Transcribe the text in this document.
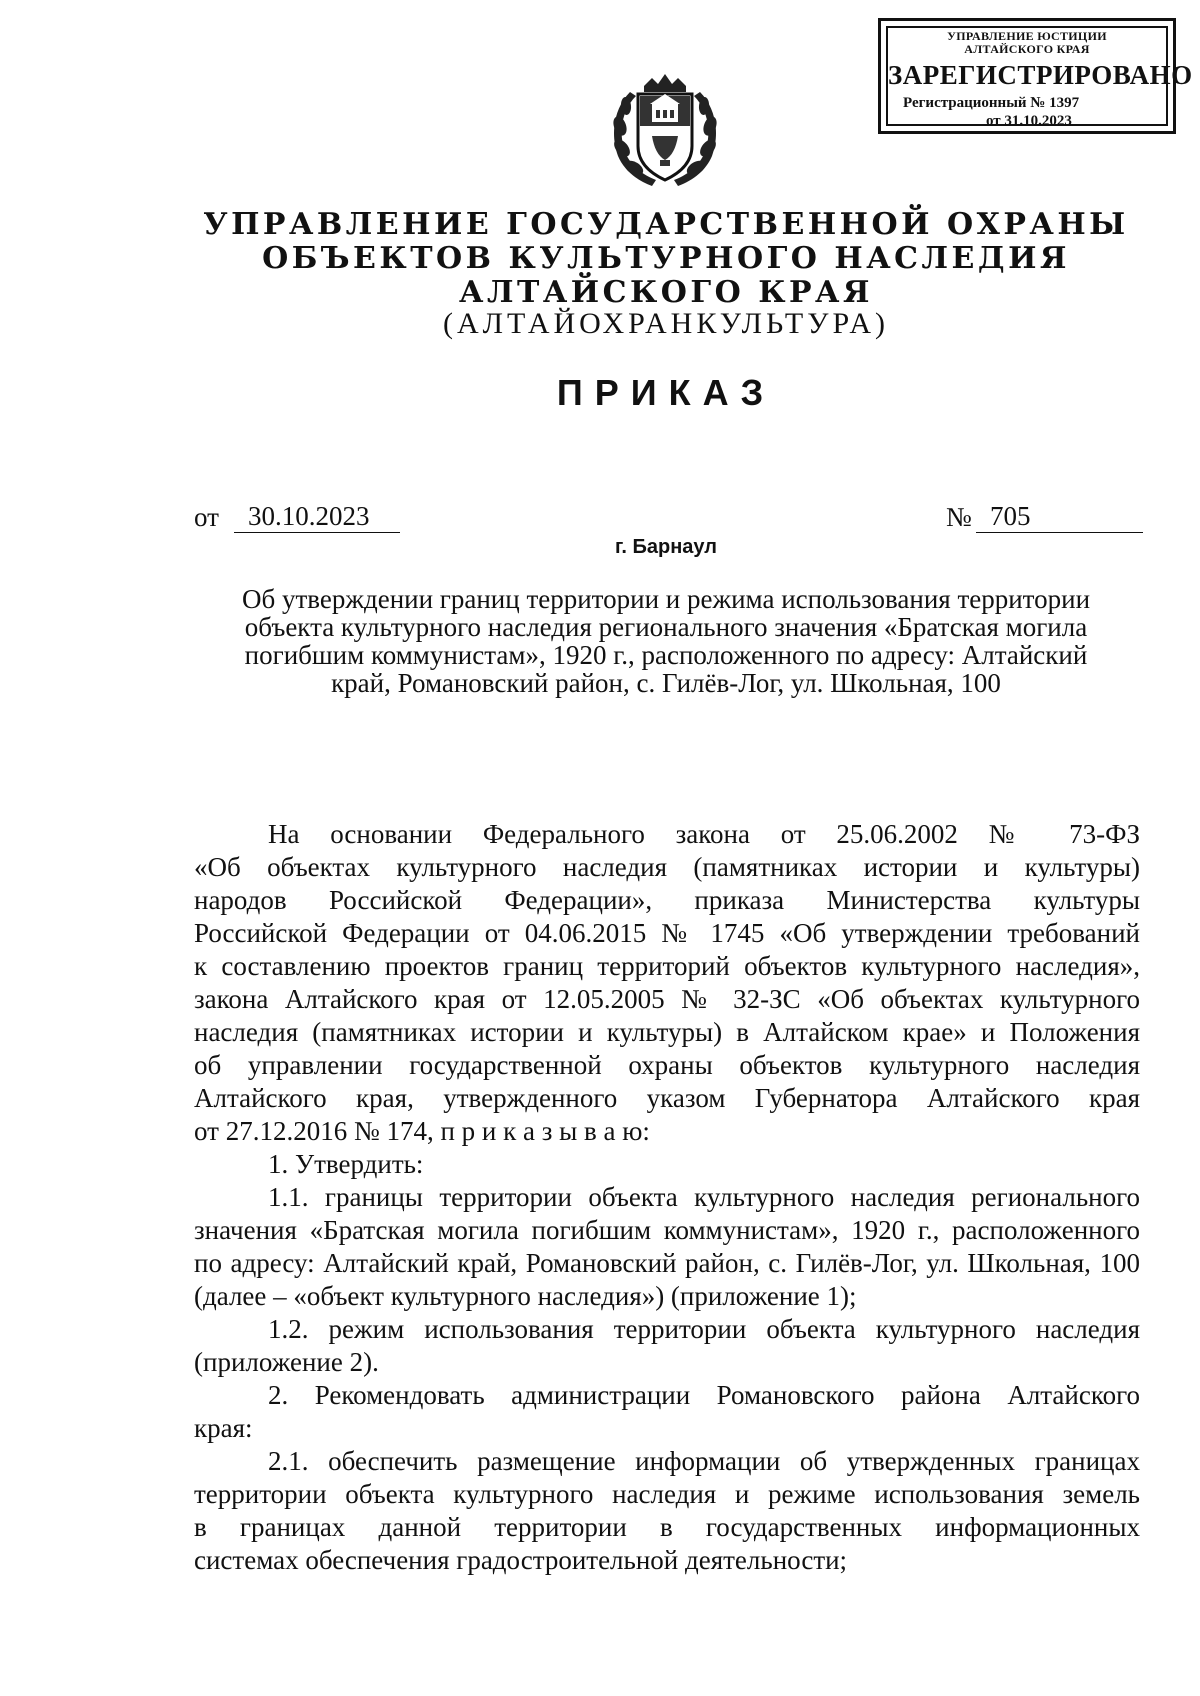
УПРАВЛЕНИЕ ЮСТИЦИИ
АЛТАЙСКОГО КРАЯ
ЗАРЕГИСТРИРОВАНО
Регистрационный № 1397
от 31.10.2023
УПРАВЛЕНИЕ ГОСУДАРСТВЕННОЙ ОХРАНЫ
ОБЪЕКТОВ КУЛЬТУРНОГО НАСЛЕДИЯ
АЛТАЙСКОГО КРАЯ
(АЛТАЙОХРАНКУЛЬТУРА)
ПРИКАЗ
от	30.10.2023	№ 705
г. Барнаул
Об утверждении границ территории и режима использования территории объекта культурного наследия регионального значения «Братская могила погибшим коммунистам», 1920 г., расположенного по адресу: Алтайский край, Романовский район, с. Гилёв-Лог, ул. Школьная, 100
На основании Федерального закона от 25.06.2002 № 73-ФЗ
«Об объектах культурного наследия (памятниках истории и культуры)
народов Российской Федерации», приказа Министерства культуры
Российской Федерации от 04.06.2015 № 1745 «Об утверждении требований
к составлению проектов границ территорий объектов культурного наследия»,
закона Алтайского края от 12.05.2005 № 32-ЗС «Об объектах культурного
наследия (памятниках истории и культуры) в Алтайском крае» и Положения
об управлении государственной охраны объектов культурного наследия
Алтайского края, утвержденного указом Губернатора Алтайского края
от 27.12.2016 № 174, п р и к а з ы в а ю:
1. Утвердить:
1.1. границы территории объекта культурного наследия регионального
значения «Братская могила погибшим коммунистам», 1920 г., расположенного
по адресу: Алтайский край, Романовский район, с. Гилёв-Лог, ул. Школьная, 100
(далее – «объект культурного наследия») (приложение 1);
1.2. режим использования территории объекта культурного наследия
(приложение 2).
2. Рекомендовать администрации Романовского района Алтайского
края:
2.1. обеспечить размещение информации об утвержденных границах
территории объекта культурного наследия и режиме использования земель
в границах данной территории в государственных информационных
системах обеспечения градостроительной деятельности;
